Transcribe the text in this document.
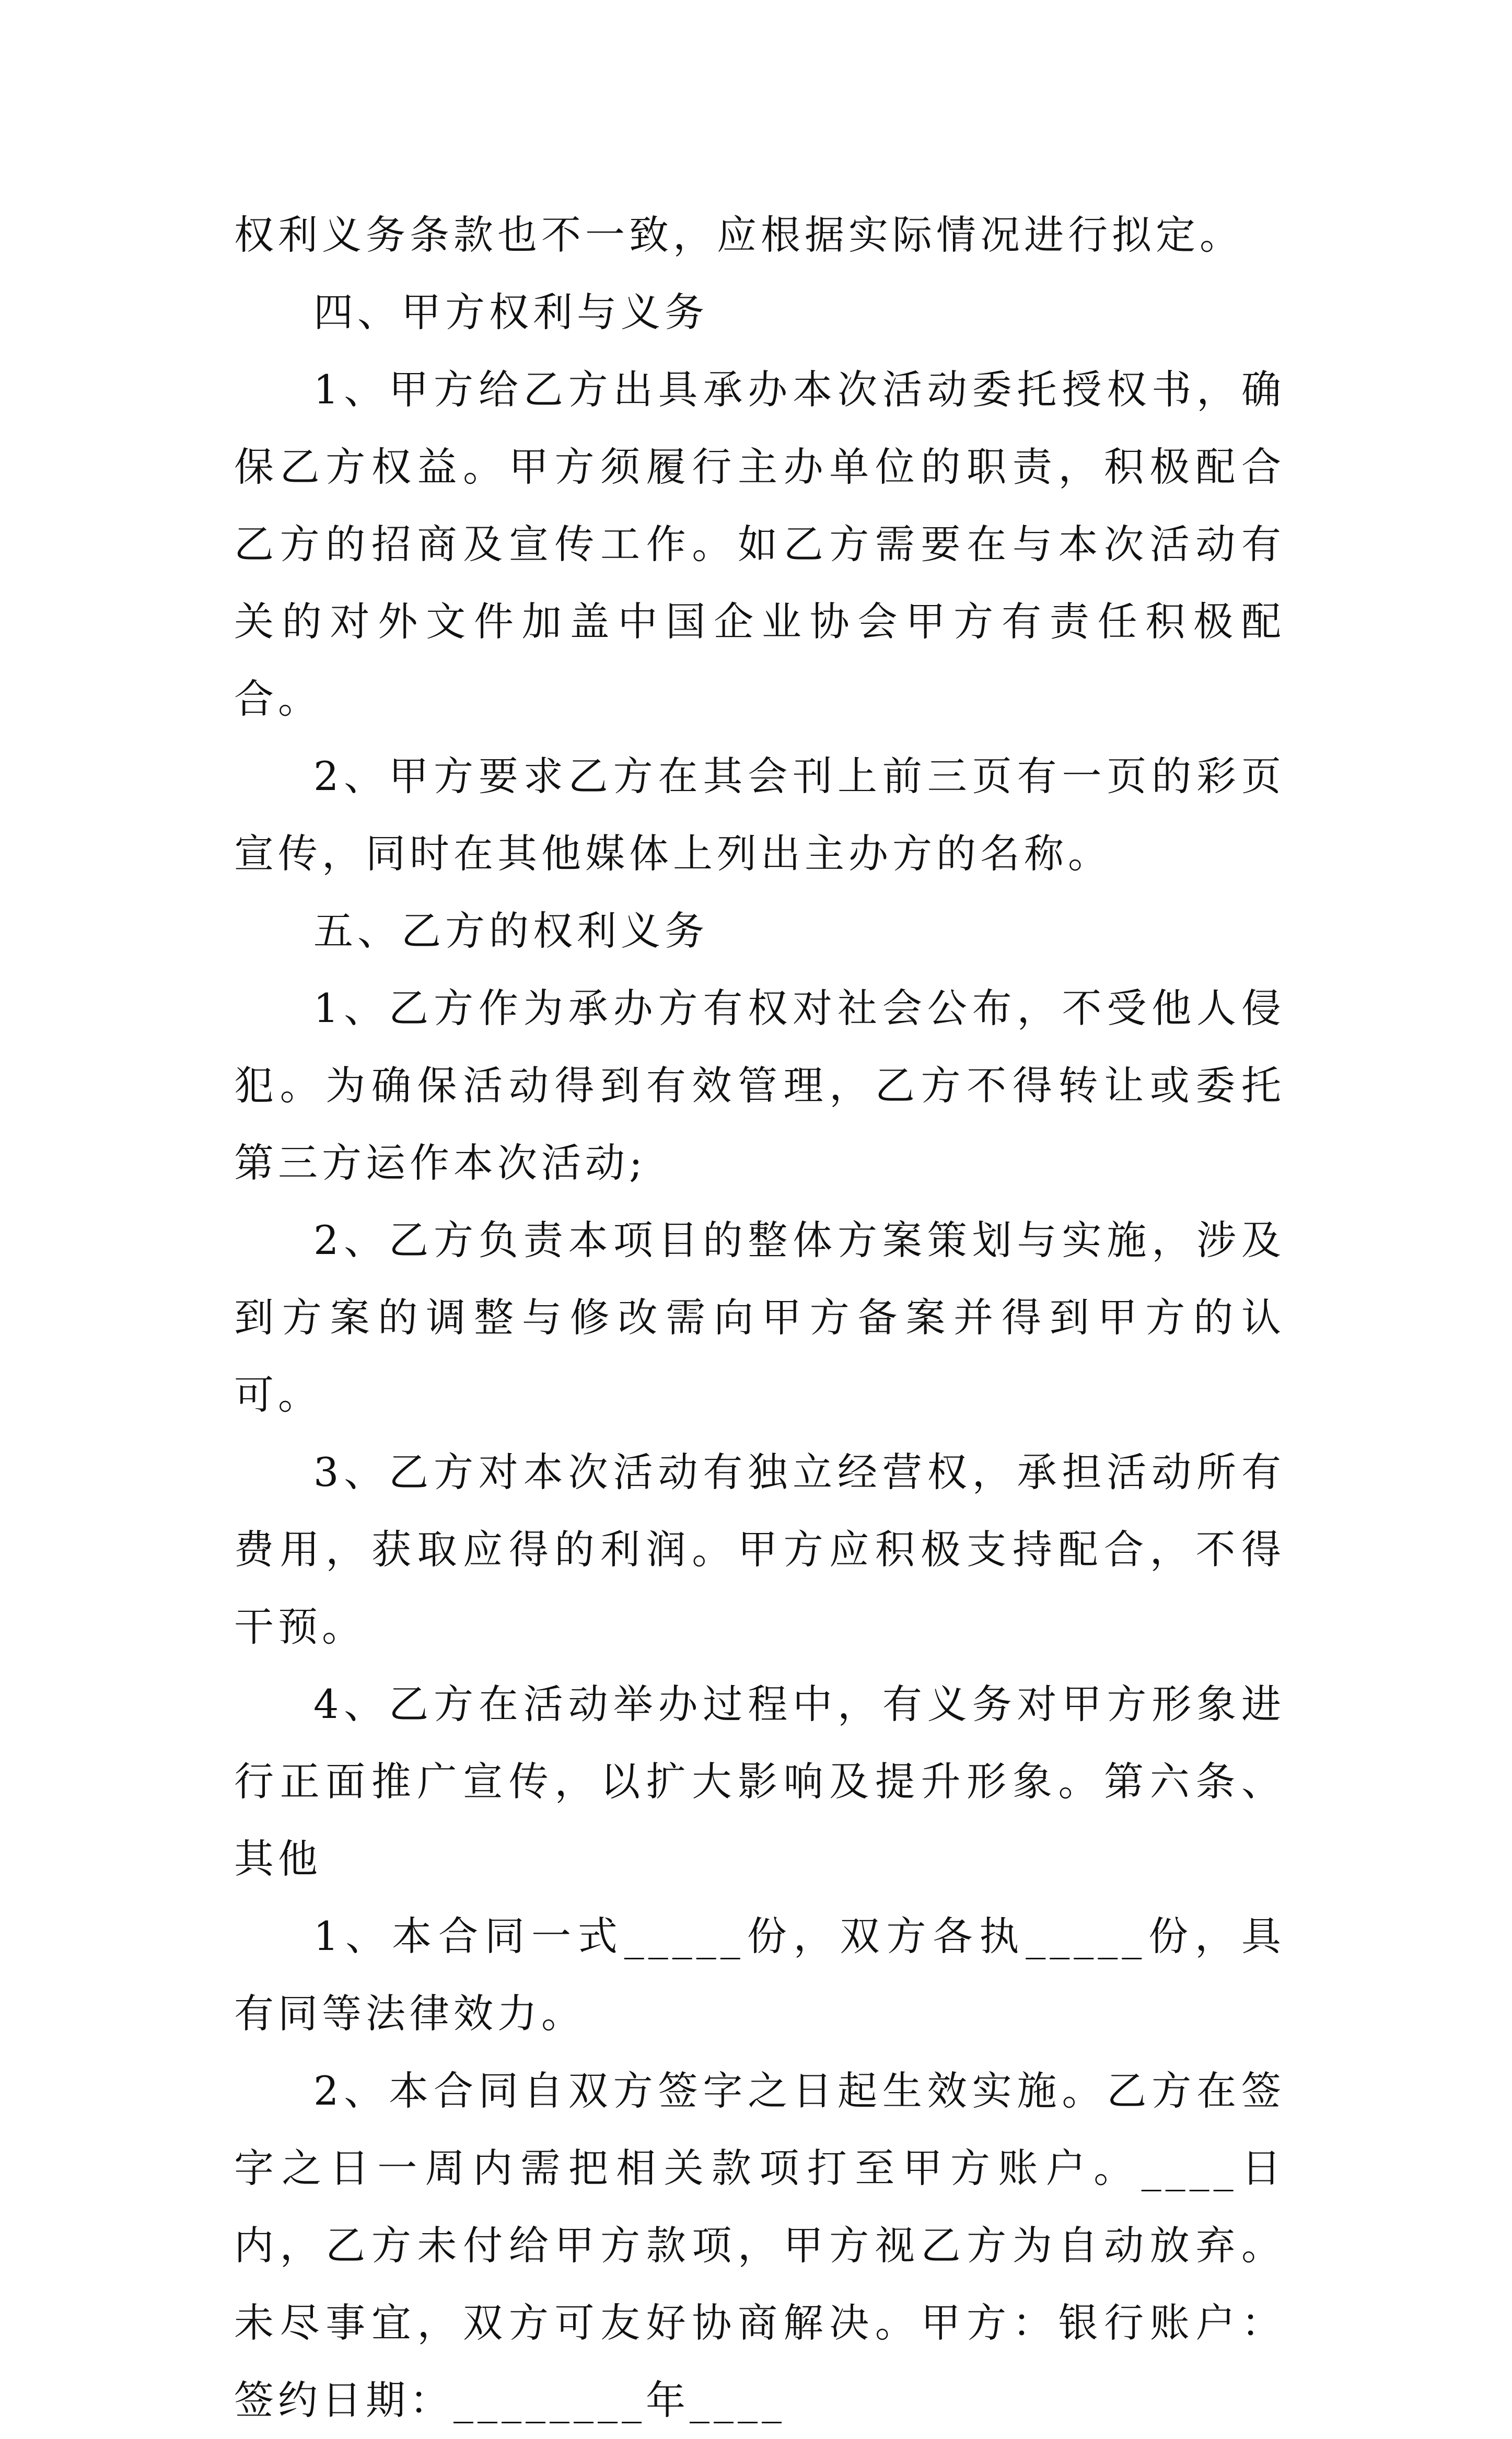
权利义务条款也不一致，应根据实际情况进行拟定。

四、甲方权利与义务

1、甲方给乙方出具承办本次活动委托授权书，确保乙方权益。甲方须履行主办单位的职责，积极配合乙方的招商及宣传工作。如乙方需要在与本次活动有关的对外文件加盖中国企业协会甲方有责任积极配合。

2、甲方要求乙方在其会刊上前三页有一页的彩页宣传，同时在其他媒体上列出主办方的名称。

五、乙方的权利义务

1、乙方作为承办方有权对社会公布，不受他人侵犯。为确保活动得到有效管理，乙方不得转让或委托第三方运作本次活动;

2、乙方负责本项目的整体方案策划与实施，涉及到方案的调整与修改需向甲方备案并得到甲方的认可。

3、乙方对本次活动有独立经营权，承担活动所有费用，获取应得的利润。甲方应积极支持配合，不得干预。

4、乙方在活动举办过程中，有义务对甲方形象进行正面推广宣传，以扩大影响及提升形象。第六条、其他

1、本合同一式_____份，双方各执_____份，具有同等法律效力。

2、本合同自双方签字之日起生效实施。乙方在签字之日一周内需把相关款项打至甲方账户。____日内，乙方未付给甲方款项，甲方视乙方为自动放弃。未尽事宜，双方可友好协商解决。甲方：银行账户：签约日期：________年____
